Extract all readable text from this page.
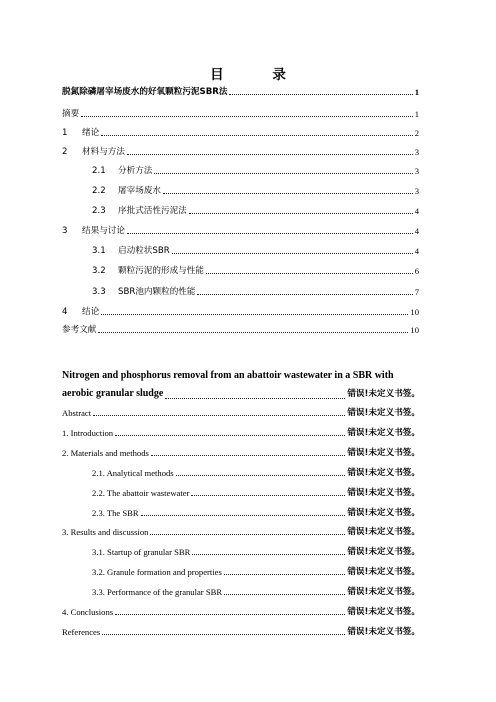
目 录
脱氮除磷屠宰场废水的好氧颗粒污泥SBR法	1
摘要	1
1	绪论	2
2	材料与方法	3
2.1	分析方法	3
2.2	屠宰场废水	3
2.3	序批式活性污泥法	4
3	结果与讨论	4
3.1	启动粒状SBR	4
3.2	颗粒污泥的形成与性能	6
3.3	SBR池内颗粒的性能	7
4	结论	10
参考文献	10
Nitrogen and phosphorus removal from an abattoir wastewater in a SBR with
aerobic granular sludge	错误!未定义书签。
Abstract	错误!未定义书签。
1. Introduction	错误!未定义书签。
2. Materials and methods	错误!未定义书签。
2.1. Analytical methods	错误!未定义书签。
2.2. The abattoir wastewater	错误!未定义书签。
2.3. The SBR	错误!未定义书签。
3. Results and discussion	错误!未定义书签。
3.1. Startup of granular SBR	错误!未定义书签。
3.2. Granule formation and properties	错误!未定义书签。
3.3. Performance of the granular SBR	错误!未定义书签。
4. Conclusions	错误!未定义书签。
References	错误!未定义书签。
